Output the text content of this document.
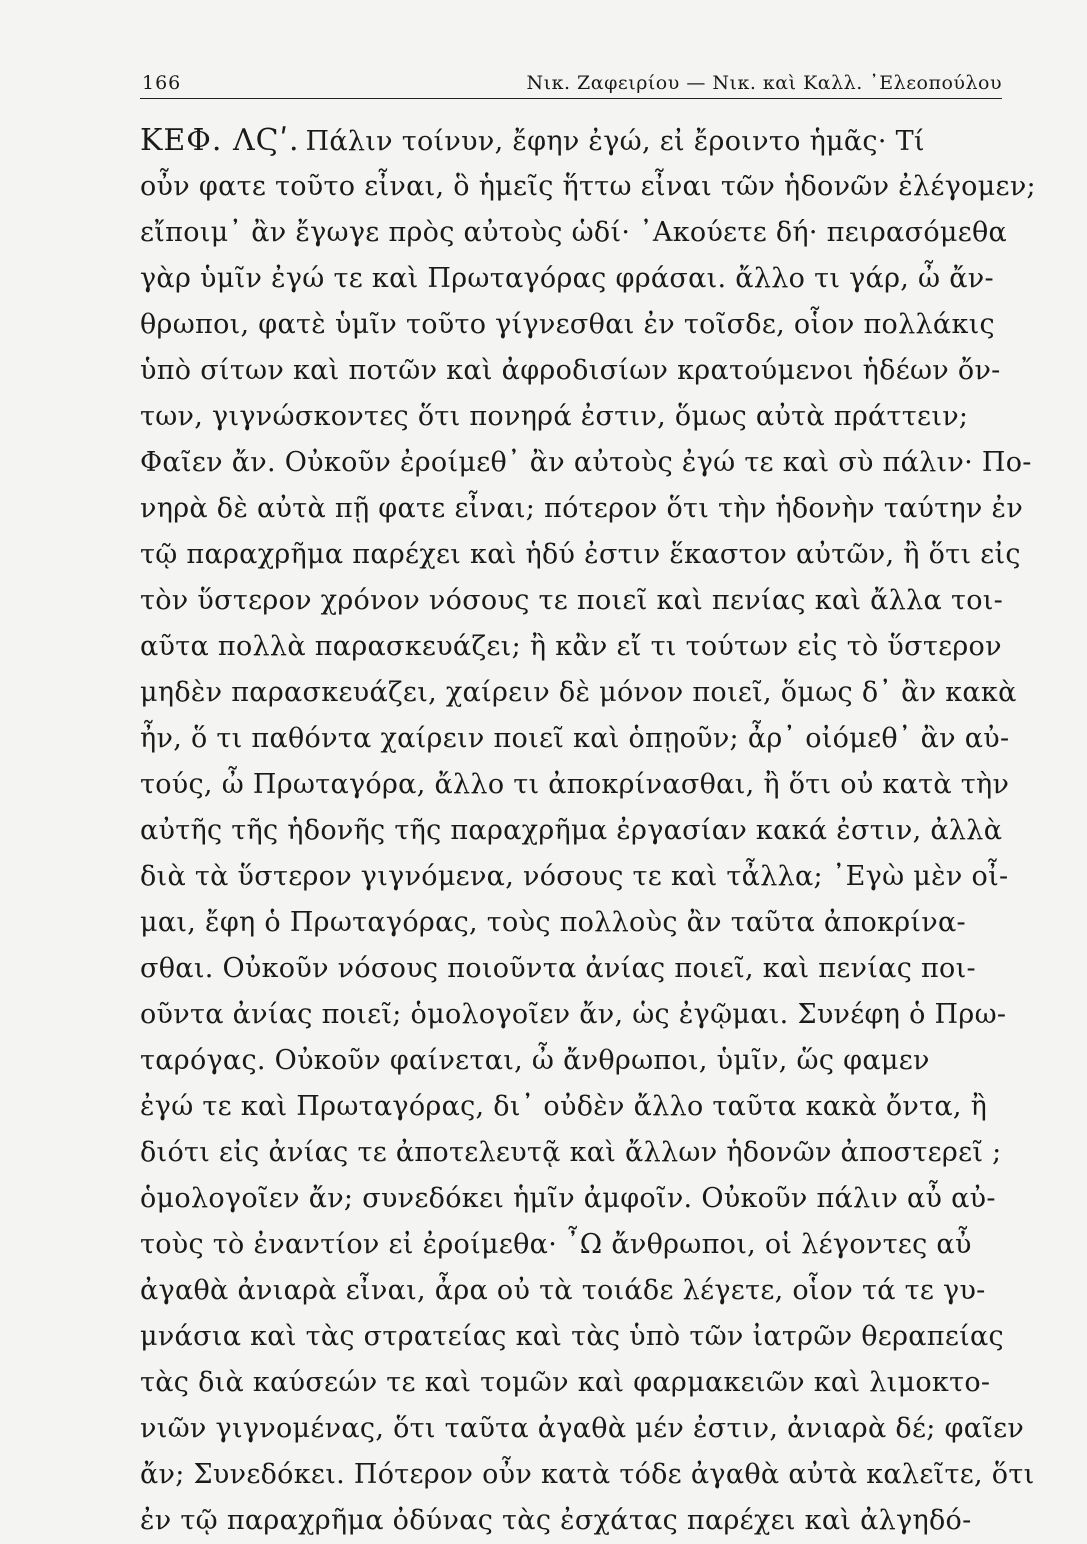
166	Νικ. Ζαφειρίου — Νικ. καὶ Καλλ. ᾽Ελεοπούλου
ΚΕΦ. ΛϚʹ. Πάλιν τοίνυν, ἔφην ἐγώ, εἰ ἔροιντο ἡμᾶς· Τί
οὖν φατε τοῦτο εἶναι, ὃ ἡμεῖς ἥττω εἶναι τῶν ἡδονῶν ἐλέγομεν;
εἴποιμ᾽ ἂν ἔγωγε πρὸς αὐτοὺς ὡδί· ᾽Ακούετε δή· πειρασόμεθα
γὰρ ὑμῖν ἐγώ τε καὶ Πρωταγόρας φράσαι. ἄλλο τι γάρ, ὦ ἄν-
θρωποι, φατὲ ὑμῖν τοῦτο γίγνεσθαι ἐν τοῖσδε, οἷον πολλάκις
ὑπὸ σίτων καὶ ποτῶν καὶ ἀφροδισίων κρατούμενοι ἡδέων ὄν-
των, γιγνώσκοντες ὅτι πονηρά ἐστιν, ὅμως αὐτὰ πράττειν;
Φαῖεν ἄν. Οὐκοῦν ἐροίμεθ᾽ ἂν αὐτοὺς ἐγώ τε καὶ σὺ πάλιν· Πο-
νηρὰ δὲ αὐτὰ πῇ φατε εἶναι; πότερον ὅτι τὴν ἡδονὴν ταύτην ἐν
τῷ παραχρῆμα παρέχει καὶ ἡδύ ἐστιν ἕκαστον αὐτῶν, ἢ ὅτι εἰς
τὸν ὕστερον χρόνον νόσους τε ποιεῖ καὶ πενίας καὶ ἄλλα τοι-
αῦτα πολλὰ παρασκευάζει; ἢ κἂν εἴ τι τούτων εἰς τὸ ὕστερον
μηδὲν παρασκευάζει, χαίρειν δὲ μόνον ποιεῖ, ὅμως δ᾽ ἂν κακὰ
ἦν, ὅ τι παθόντα χαίρειν ποιεῖ καὶ ὁπῃοῦν; ἆρ᾽ οἰόμεθ᾽ ἂν αὐ-
τούς, ὦ Πρωταγόρα, ἄλλο τι ἀποκρίνασθαι, ἢ ὅτι οὐ κατὰ τὴν
αὐτῆς τῆς ἡδονῆς τῆς παραχρῆμα ἐργασίαν κακά ἐστιν, ἀλλὰ
διὰ τὰ ὕστερον γιγνόμενα, νόσους τε καὶ τἆλλα; ᾽Εγὼ μὲν οἶ-
μαι, ἔφη ὁ Πρωταγόρας, τοὺς πολλοὺς ἂν ταῦτα ἀποκρίνα-
σθαι. Οὐκοῦν νόσους ποιοῦντα ἀνίας ποιεῖ, καὶ πενίας ποι-
οῦντα ἀνίας ποιεῖ; ὁμολογοῖεν ἄν, ὡς ἐγῷμαι. Συνέφη ὁ Πρω-
ταρόγας. Οὐκοῦν φαίνεται, ὦ ἄνθρωποι, ὑμῖν, ὥς φαμεν
ἐγώ τε καὶ Πρωταγόρας, δι᾽ οὐδὲν ἄλλο ταῦτα κακὰ ὄντα, ἢ
διότι εἰς ἀνίας τε ἀποτελευτᾷ καὶ ἄλλων ἡδονῶν ἀποστερεῖ ;
ὁμολογοῖεν ἄν; συνεδόκει ἡμῖν ἀμφοῖν. Οὐκοῦν πάλιν αὖ αὐ-
τοὺς τὸ ἐναντίον εἰ ἐροίμεθα· ῏Ω ἄνθρωποι, οἱ λέγοντες αὖ
ἀγαθὰ ἀνιαρὰ εἶναι, ἆρα οὐ τὰ τοιάδε λέγετε, οἷον τά τε γυ-
μνάσια καὶ τὰς στρατείας καὶ τὰς ὑπὸ τῶν ἰατρῶν θεραπείας
τὰς διὰ καύσεών τε καὶ τομῶν καὶ φαρμακειῶν καὶ λιμοκτο-
νιῶν γιγνομένας, ὅτι ταῦτα ἀγαθὰ μέν ἐστιν, ἀνιαρὰ δέ; φαῖεν
ἄν; Συνεδόκει. Πότερον οὖν κατὰ τόδε ἀγαθὰ αὐτὰ καλεῖτε, ὅτι
ἐν τῷ παραχρῆμα ὀδύνας τὰς ἐσχάτας παρέχει καὶ ἀλγηδό-
